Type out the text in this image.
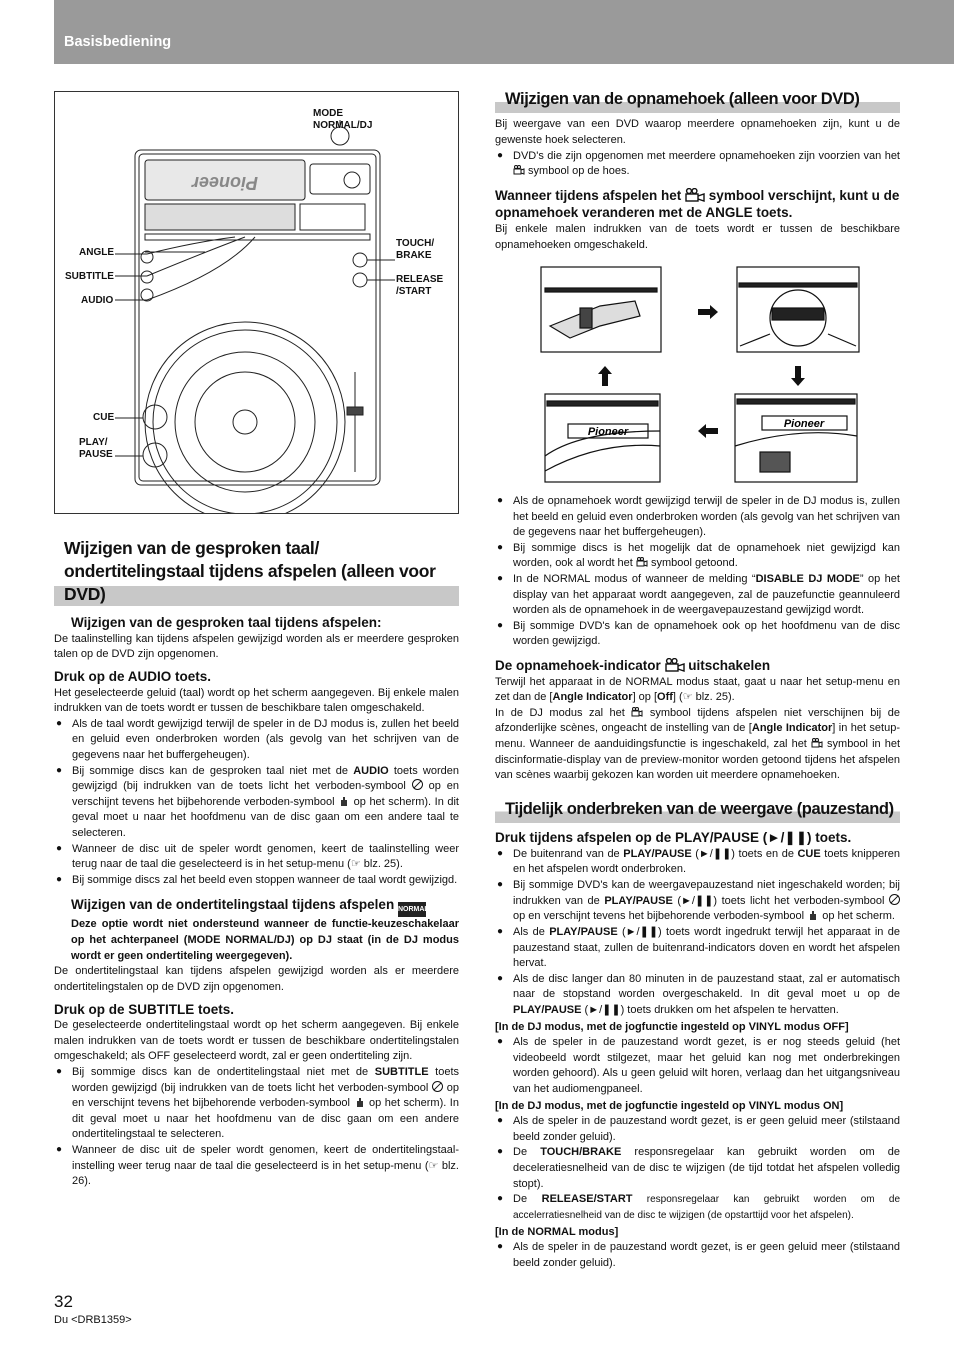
Basisbediening
Pioneer
MODE
NORMAL/DJ
ANGLE
SUBTITLE
AUDIO
CUE
PLAY/
PAUSE
TOUCH/
BRAKE
RELEASE
/START
Wijzigen van de gesproken taal/ ondertitelingstaal tijdens afspelen (alleen voor DVD)
Wijzigen van de gesproken taal tijdens afspelen:

De taalinstelling kan tijdens afspelen gewijzigd worden als er meerdere gesproken talen op de DVD zijn opgenomen.

Druk op de AUDIO toets.

Het geselecteerde geluid (taal) wordt op het scherm aangegeven. Bij enkele malen indrukken van de toets wordt er tussen de beschikbare talen omgeschakeld.

● Als de taal wordt gewijzigd terwijl de speler in de DJ modus is, zullen het beeld en geluid even onderbroken worden (als gevolg van het schrijven van de gegevens naar het buffergeheugen).
● Bij sommige discs kan de gesproken taal niet met de AUDIO toets worden gewijzigd (bij indrukken van de toets licht het verboden-symbool  op en verschijnt tevens het bijbehorende verboden-symbool  op het scherm). In dit geval moet u naar het hoofdmenu van de disc gaan om een andere taal te selecteren.
● Wanneer de disc uit de speler wordt genomen, keert de taalinstelling weer terug naar de taal die geselecteerd is in het setup-menu (☞ blz. 25).
● Bij sommige discs zal het beeld even stoppen wanneer de taal wordt gewijzigd.
Wijzigen van de ondertitelingstaal tijdens afspelen NORMAL

Deze optie wordt niet ondersteund wanneer de functie-keuzeschakelaar op het achterpaneel (MODE NORMAL/DJ) op DJ staat (in de DJ modus wordt er geen ondertiteling weergegeven).

De ondertitelingstaal kan tijdens afspelen gewijzigd worden als er meerdere ondertitelingstalen op de DVD zijn opgenomen.

Druk op de SUBTITLE toets.

De geselecteerde ondertitelingstaal wordt op het scherm aangegeven. Bij enkele malen indrukken van de toets wordt er tussen de beschikbare ondertitelingstalen omgeschakeld; als OFF geselecteerd wordt, zal er geen ondertiteling zijn.

● Bij sommige discs kan de ondertitelingstaal niet met de SUBTITLE toets worden gewijzigd (bij indrukken van de toets licht het verboden-symbool  op en verschijnt tevens het bijbehorende verboden-symbool  op het scherm). In dit geval moet u naar het hoofdmenu van de disc gaan om een andere ondertitelingstaal te selecteren.
● Wanneer de disc uit de speler wordt genomen, keert de ondertitelingstaal-instelling weer terug naar de taal die geselecteerd is in het setup-menu (☞ blz. 26).
Wijzigen van de opnamehoek (alleen voor DVD)

Bij weergave van een DVD waarop meerdere opnamehoeken zijn, kunt u de gewenste hoek selecteren.

● DVD's die zijn opgenomen met meerdere opnamehoeken zijn voorzien van het  symbool op de hoes.
Wanneer tijdens afspelen het  symbool verschijnt, kunt u de opnamehoek veranderen met de ANGLE toets.

Bij enkele malen indrukken van de toets wordt er tussen de beschikbare opnamehoeken omgeschakeld.

Pioneer
Pioneer
● Als de opnamehoek wordt gewijzigd terwijl de speler in de DJ modus is, zullen het beeld en geluid even onderbroken worden (als gevolg van het schrijven van de gegevens naar het buffergeheugen).
● Bij sommige discs is het mogelijk dat de opnamehoek niet gewijzigd kan worden, ook al wordt het  symbool getoond.
● In de NORMAL modus of wanneer de melding “DISABLE DJ MODE” op het display van het apparaat wordt aangegeven, zal de pauzefunctie geannuleerd worden als de opnamehoek in de weergavepauzestand gewijzigd wordt.
● Bij sommige DVD's kan de opnamehoek ook op het hoofdmenu van de disc worden gewijzigd.
De opnamehoek-indicator  uitschakelen

Terwijl het apparaat in de NORMAL modus staat, gaat u naar het setup-menu en zet dan de [Angle Indicator] op [Off] (☞ blz. 25).

In de DJ modus zal het  symbool tijdens afspelen niet verschijnen bij de afzonderlijke scènes, ongeacht de instelling van de [Angle Indicator] in het setup-menu. Wanneer de aanduidingsfunctie is ingeschakeld, zal het  symbool in het discinformatie-display van de preview-monitor worden getoond tijdens het afspelen van scènes waarbij gekozen kan worden uit meerdere opnamehoeken.

Tijdelijk onderbreken van de weergave (pauzestand)
Druk tijdens afspelen op de PLAY/PAUSE (►/❚❚) toets.
● De buitenrand van de PLAY/PAUSE (►/❚❚) toets en de CUE toets knipperen en het afspelen wordt onderbroken.
● Bij sommige DVD's kan de weergavepauzestand niet ingeschakeld worden; bij indrukken van de PLAY/PAUSE (►/❚❚) toets licht het verboden-symbool  op en verschijnt tevens het bijbehorende verboden-symbool  op het scherm.
● Als de PLAY/PAUSE (►/❚❚) toets wordt ingedrukt terwijl het apparaat in de pauzestand staat, zullen de buitenrand-indicators doven en wordt het afspelen hervat.
● Als de disc langer dan 80 minuten in de pauzestand staat, zal er automatisch naar de stopstand worden overgeschakeld. In dit geval moet u op de PLAY/PAUSE (►/❚❚) toets drukken om het afspelen te hervatten.
[In de DJ modus, met de jogfunctie ingesteld op VINYL modus OFF]
● Als de speler in de pauzestand wordt gezet, is er nog steeds geluid (het videobeeld wordt stilgezet, maar het geluid kan nog met onderbrekingen worden gehoord). Als u geen geluid wilt horen, verlaag dan het uitgangsniveau van het audiomengpaneel.
[In de DJ modus, met de jogfunctie ingesteld op VINYL modus ON]
● Als de speler in de pauzestand wordt gezet, is er geen geluid meer (stilstaand beeld zonder geluid).
● De TOUCH/BRAKE responsregelaar kan gebruikt worden om de deceleratiesnelheid van de disc te wijzigen (de tijd totdat het afspelen volledig stopt).
● De RELEASE/START responsregelaar kan gebruikt worden om de accelerratiesnelheid van de disc te wijzigen (de opstarttijd voor het afspelen).
[In de NORMAL modus]
● Als de speler in de pauzestand wordt gezet, is er geen geluid meer (stilstaand beeld zonder geluid).
32
Du <DRB1359>
